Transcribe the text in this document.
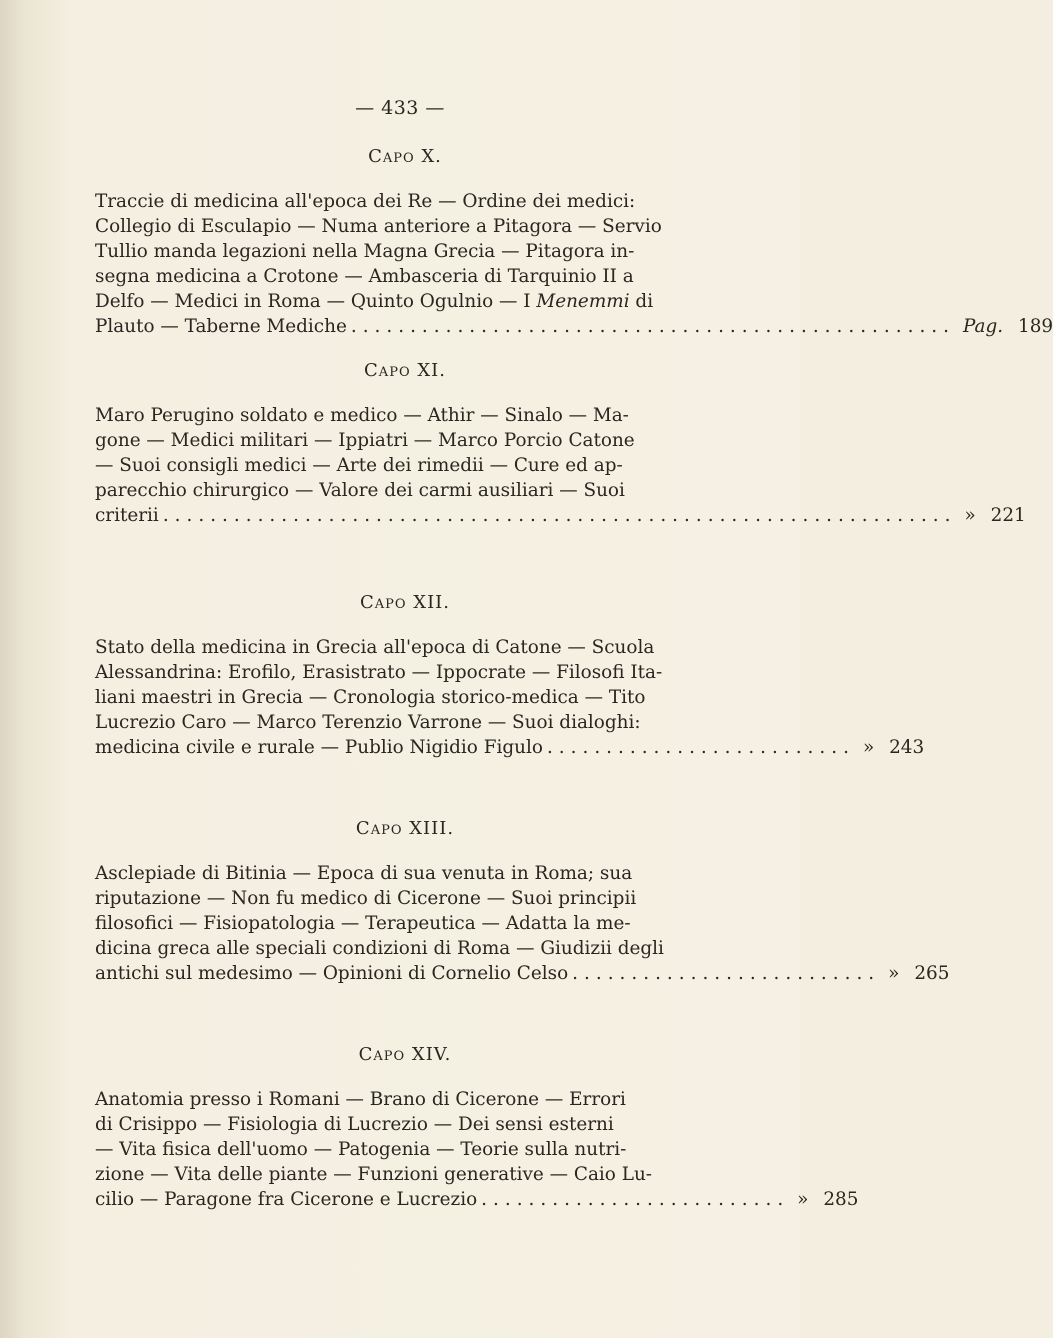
— 433 —
Capo X.
Traccie di medicina all'epoca dei Re — Ordine dei medici:
Collegio di Esculapio — Numa anteriore a Pitagora — Servio
Tullio manda legazioni nella Magna Grecia — Pitagora in-
segna medicina a Crotone — Ambasceria di Tarquinio II a
Delfo — Medici in Roma — Quinto Ogulnio — I Menemmi di
Plauto — Taberne Mediche ................................................... Pag. 189
Capo XI.
Maro Perugino soldato e medico — Athir — Sinalo — Ma-
gone — Medici militari — Ippiatri — Marco Porcio Catone
— Suoi consigli medici — Arte dei rimedii — Cure ed ap-
parecchio chirurgico — Valore dei carmi ausiliari — Suoi
criterii ................................................................... » 221
Capo XII.
Stato della medicina in Grecia all'epoca di Catone — Scuola
Alessandrina: Erofilo, Erasistrato — Ippocrate — Filosofi Ita-
liani maestri in Grecia — Cronologia storico-medica — Tito
Lucrezio Caro — Marco Terenzio Varrone — Suoi dialoghi:
medicina civile e rurale — Publio Nigidio Figulo .......................... » 243
Capo XIII.
Asclepiade di Bitinia — Epoca di sua venuta in Roma; sua
riputazione — Non fu medico di Cicerone — Suoi principii
filosofici — Fisiopatologia — Terapeutica — Adatta la me-
dicina greca alle speciali condizioni di Roma — Giudizii degli
antichi sul medesimo — Opinioni di Cornelio Celso .......................... » 265
Capo XIV.
Anatomia presso i Romani — Brano di Cicerone — Errori
di Crisippo — Fisiologia di Lucrezio — Dei sensi esterni
— Vita fisica dell'uomo — Patogenia — Teorie sulla nutri-
zione — Vita delle piante — Funzioni generative — Caio Lu-
cilio — Paragone fra Cicerone e Lucrezio .......................... » 285
